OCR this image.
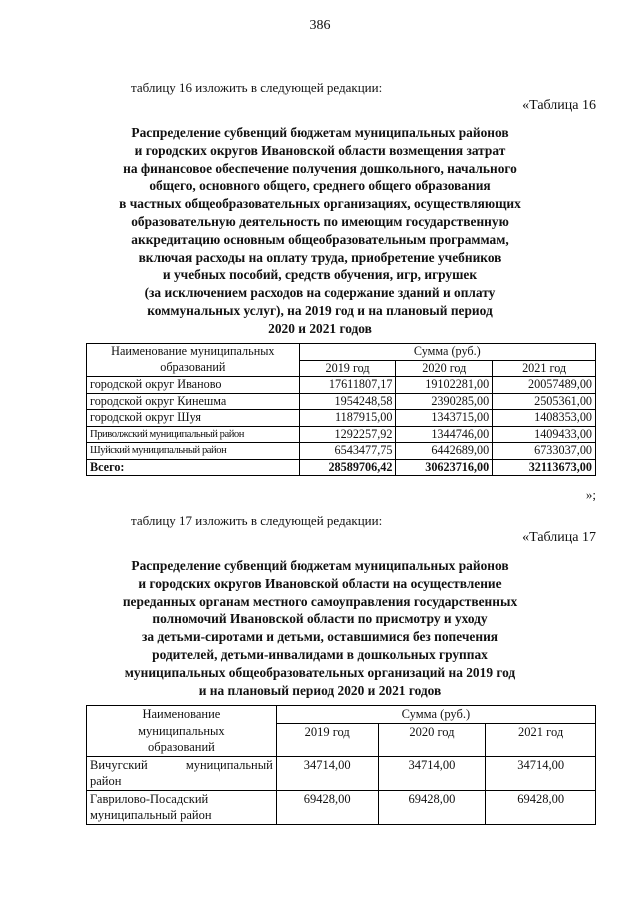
386
таблицу 16 изложить в следующей редакции:
«Таблица 16
Распределение субвенций бюджетам муниципальных районов
и городских округов Ивановской области возмещения затрат
на финансовое обеспечение получения дошкольного, начального
общего, основного общего, среднего общего образования
в частных общеобразовательных организациях, осуществляющих
образовательную деятельность по имеющим государственную
аккредитацию основным общеобразовательным программам,
включая расходы на оплату труда, приобретение учебников
и учебных пособий, средств обучения, игр, игрушек
(за исключением расходов на содержание зданий и оплату
коммунальных услуг), на 2019 год и на плановый период
2020 и 2021 годов
Наименование муниципальных
образований	Сумма (руб.)		
	2019 год	2020 год	2021 год
городской округ Иваново	17611807,17	19102281,00	20057489,00
городской округ Кинешма	1954248,58	2390285,00	2505361,00
городской округ Шуя	1187915,00	1343715,00	1408353,00
Приволжский муниципальный район	1292257,92	1344746,00	1409433,00
Шуйский муниципальный район	6543477,75	6442689,00	6733037,00
Всего:	28589706,42	30623716,00	32113673,00
»;
таблицу 17 изложить в следующей редакции:
«Таблица 17
Распределение субвенций бюджетам муниципальных районов
и городских округов Ивановской области на осуществление
переданных органам местного самоуправления государственных
полномочий Ивановской области по присмотру и уходу
за детьми-сиротами и детьми, оставшимися без попечения
родителей, детьми-инвалидами в дошкольных группах
муниципальных общеобразовательных организаций на 2019 год
и на плановый период 2020 и 2021 годов
Наименование
муниципальных
образований	Сумма (руб.)		
	2019 год	2020 год	2021 год

Вичугский муниципальный
район	34714,00	34714,00	34714,00

Гаврилово-Посадский
муниципальный район	69428,00	69428,00	69428,00
